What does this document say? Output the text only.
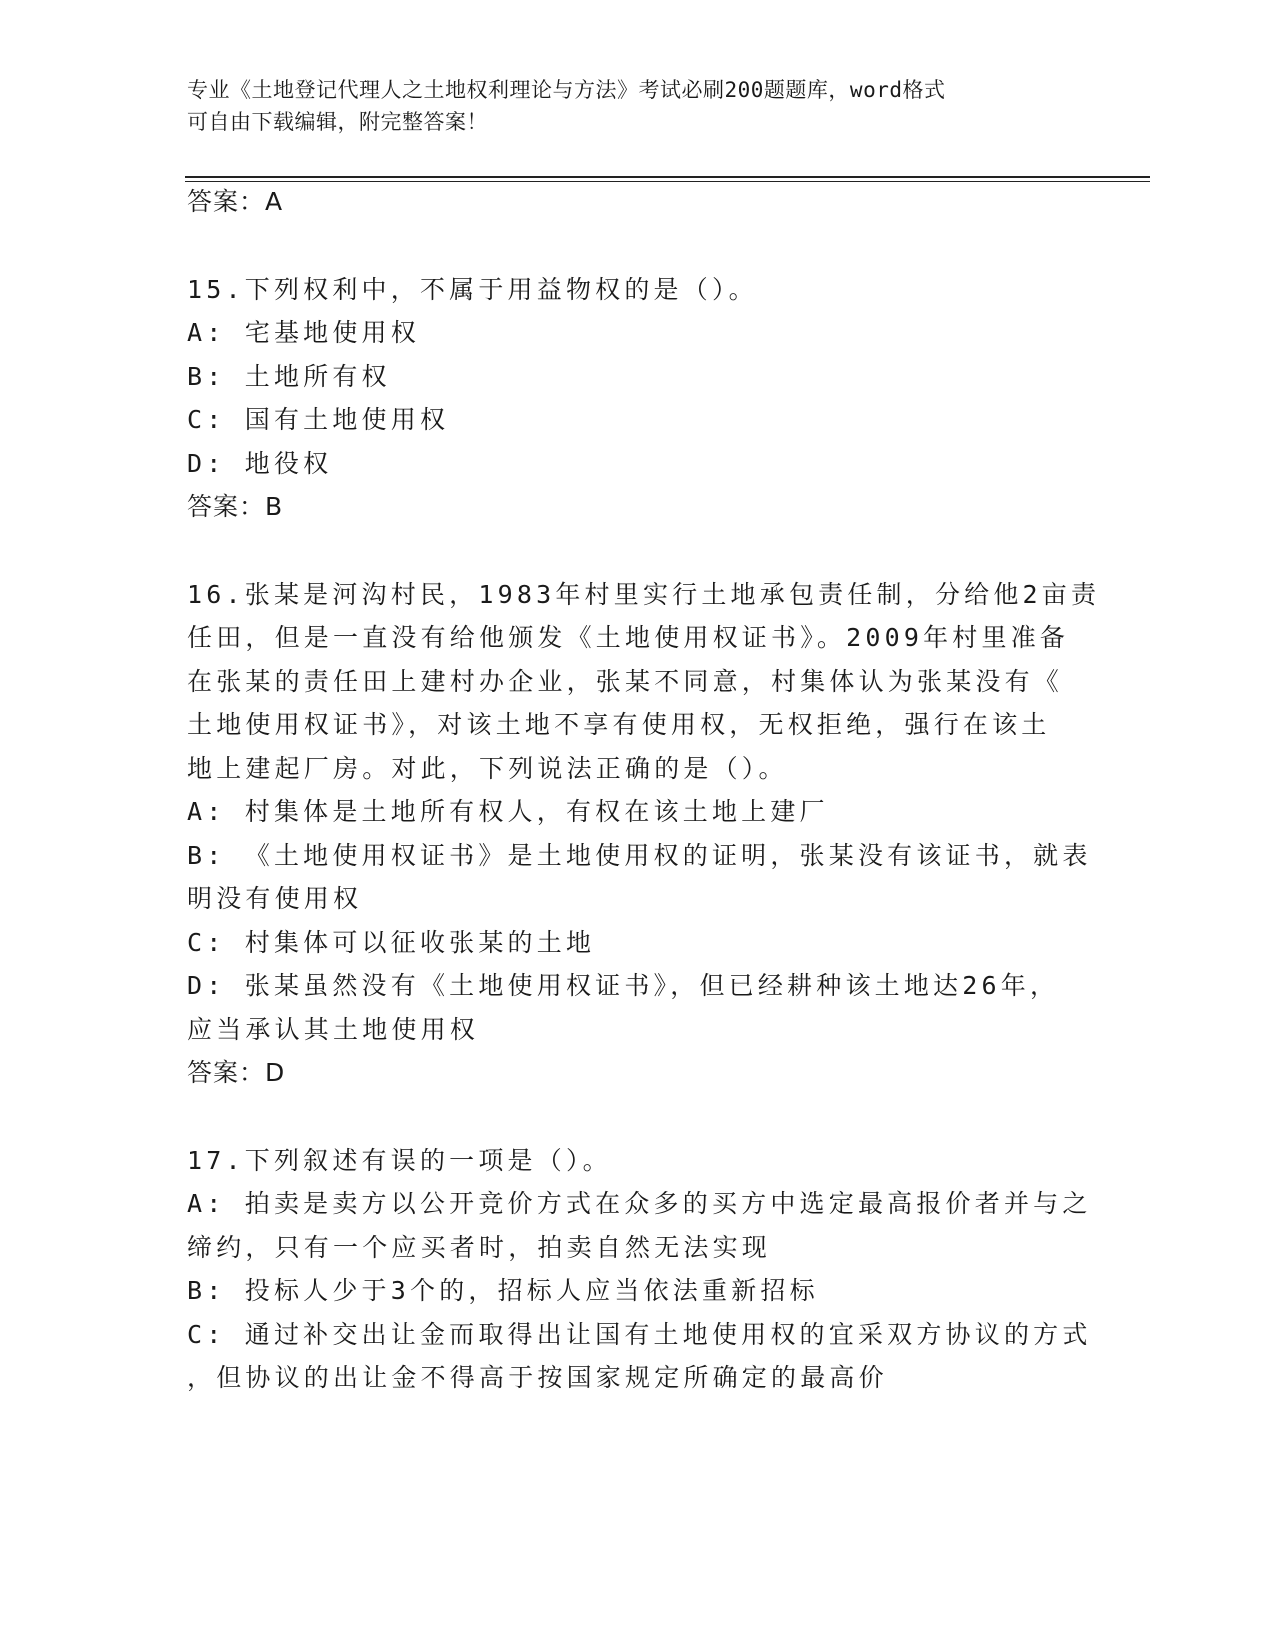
专业《土地登记代理人之土地权利理论与方法》考试必刷200题题库，word格式
可自由下载编辑，附完整答案！
答案：A
15.下列权利中，不属于用益物权的是（）。
A: 宅基地使用权
B: 土地所有权
C: 国有土地使用权
D: 地役权
答案：B
16.张某是河沟村民，1983年村里实行土地承包责任制，分给他2亩责
任田，但是一直没有给他颁发《土地使用权证书》。2009年村里准备
在张某的责任田上建村办企业，张某不同意，村集体认为张某没有《
土地使用权证书》，对该土地不享有使用权，无权拒绝，强行在该土
地上建起厂房。对此，下列说法正确的是（）。
A: 村集体是土地所有权人，有权在该土地上建厂
B: 《土地使用权证书》是土地使用权的证明，张某没有该证书，就表
明没有使用权
C: 村集体可以征收张某的土地
D: 张某虽然没有《土地使用权证书》，但已经耕种该土地达26年，
应当承认其土地使用权
答案：D
17.下列叙述有误的一项是（）。
A: 拍卖是卖方以公开竞价方式在众多的买方中选定最高报价者并与之
缔约，只有一个应买者时，拍卖自然无法实现
B: 投标人少于3个的，招标人应当依法重新招标
C: 通过补交出让金而取得出让国有土地使用权的宜采双方协议的方式
，但协议的出让金不得高于按国家规定所确定的最高价
